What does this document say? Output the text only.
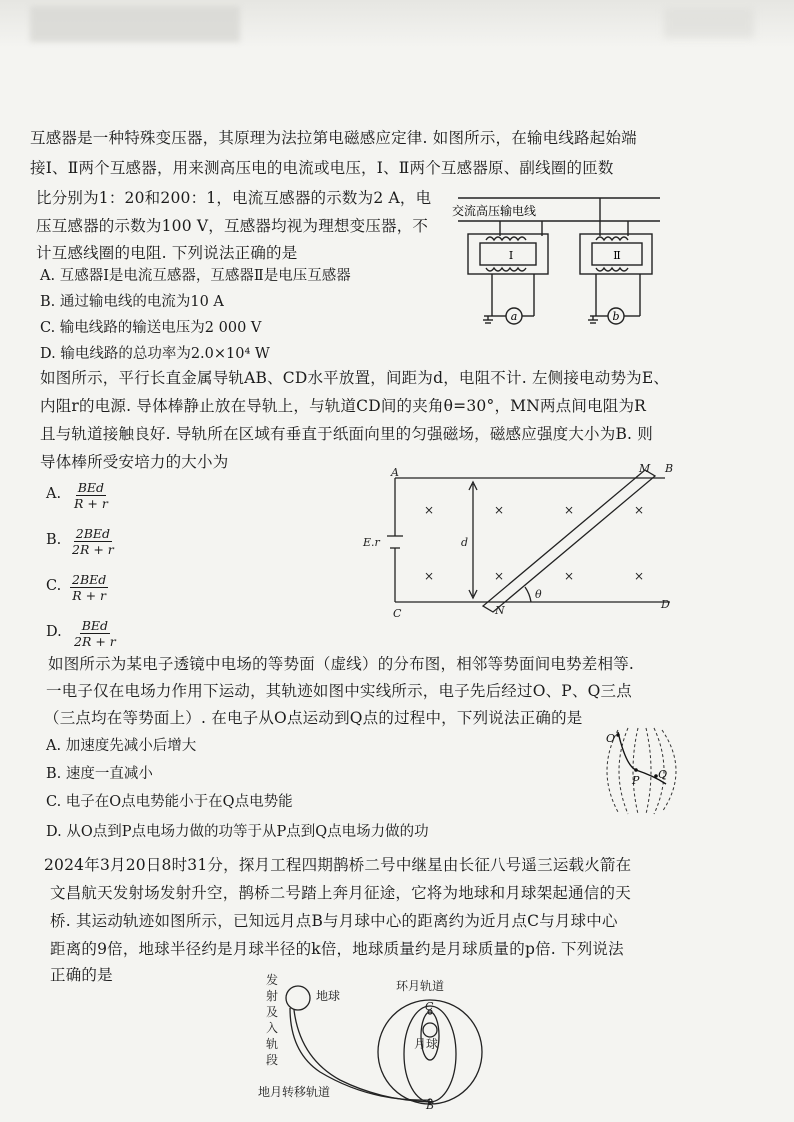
互感器是一种特殊变压器，其原理为法拉第电磁感应定律. 如图所示，在输电线路起始端
接Ⅰ、Ⅱ两个互感器，用来测高压电的电流或电压，Ⅰ、Ⅱ两个互感器原、副线圈的匝数
比分别为1：20和200：1，电流互感器的示数为2 A，电
压互感器的示数为100 V，互感器均视为理想变压器，不
计互感线圈的电阻. 下列说法正确的是
A. 互感器Ⅰ是电流互感器，互感器Ⅱ是电压互感器
B. 通过输电线的电流为10 A
C. 输电线路的输送电压为2 000 V
D. 输电线路的总功率为2.0×10⁴ W
交流高压输电线
Ⅰ	Ⅱ
a	b
如图所示，平行长直金属导轨AB、CD水平放置，间距为d，电阻不计. 左侧接电动势为E、
内阻r的电源. 导体棒静止放在导轨上，与轨道CD间的夹角θ=30°，MN两点间电阻为R
且与轨道接触良好. 导轨所在区域有垂直于纸面向里的匀强磁场，磁感应强度大小为B. 则
导体棒所受安培力的大小为
A. BEd
R + r
B. 2BEd
2R + r
C. 2BEd
R + r
D. BEd
2R + r
×	×	×	×
×	×	×	×
A	B
M
C
D
N
E.r	d
θ
如图所示为某电子透镜中电场的等势面（虚线）的分布图，相邻等势面间电势差相等.
一电子仅在电场力作用下运动，其轨迹如图中实线所示，电子先后经过O、P、Q三点
（三点均在等势面上）. 在电子从O点运动到Q点的过程中，下列说法正确的是
A. 加速度先减小后增大
B. 速度一直减小
C. 电子在O点电势能小于在Q点电势能
D. 从O点到P点电场力做的功等于从P点到Q点电场力做的功
O
P Q
2024年3月20日8时31分，探月工程四期鹊桥二号中继星由长征八号遥三运载火箭在
文昌航天发射场发射升空，鹊桥二号踏上奔月征途，它将为地球和月球架起通信的天
桥. 其运动轨迹如图所示，已知远月点B与月球中心的距离约为近月点C与月球中心
距离的9倍，地球半径约是月球半径的k倍，地球质量约是月球质量的p倍. 下列说法
正确的是	发
射
及
入
轨
段
地球
环月轨道
月球
地月转移轨道
C
B
